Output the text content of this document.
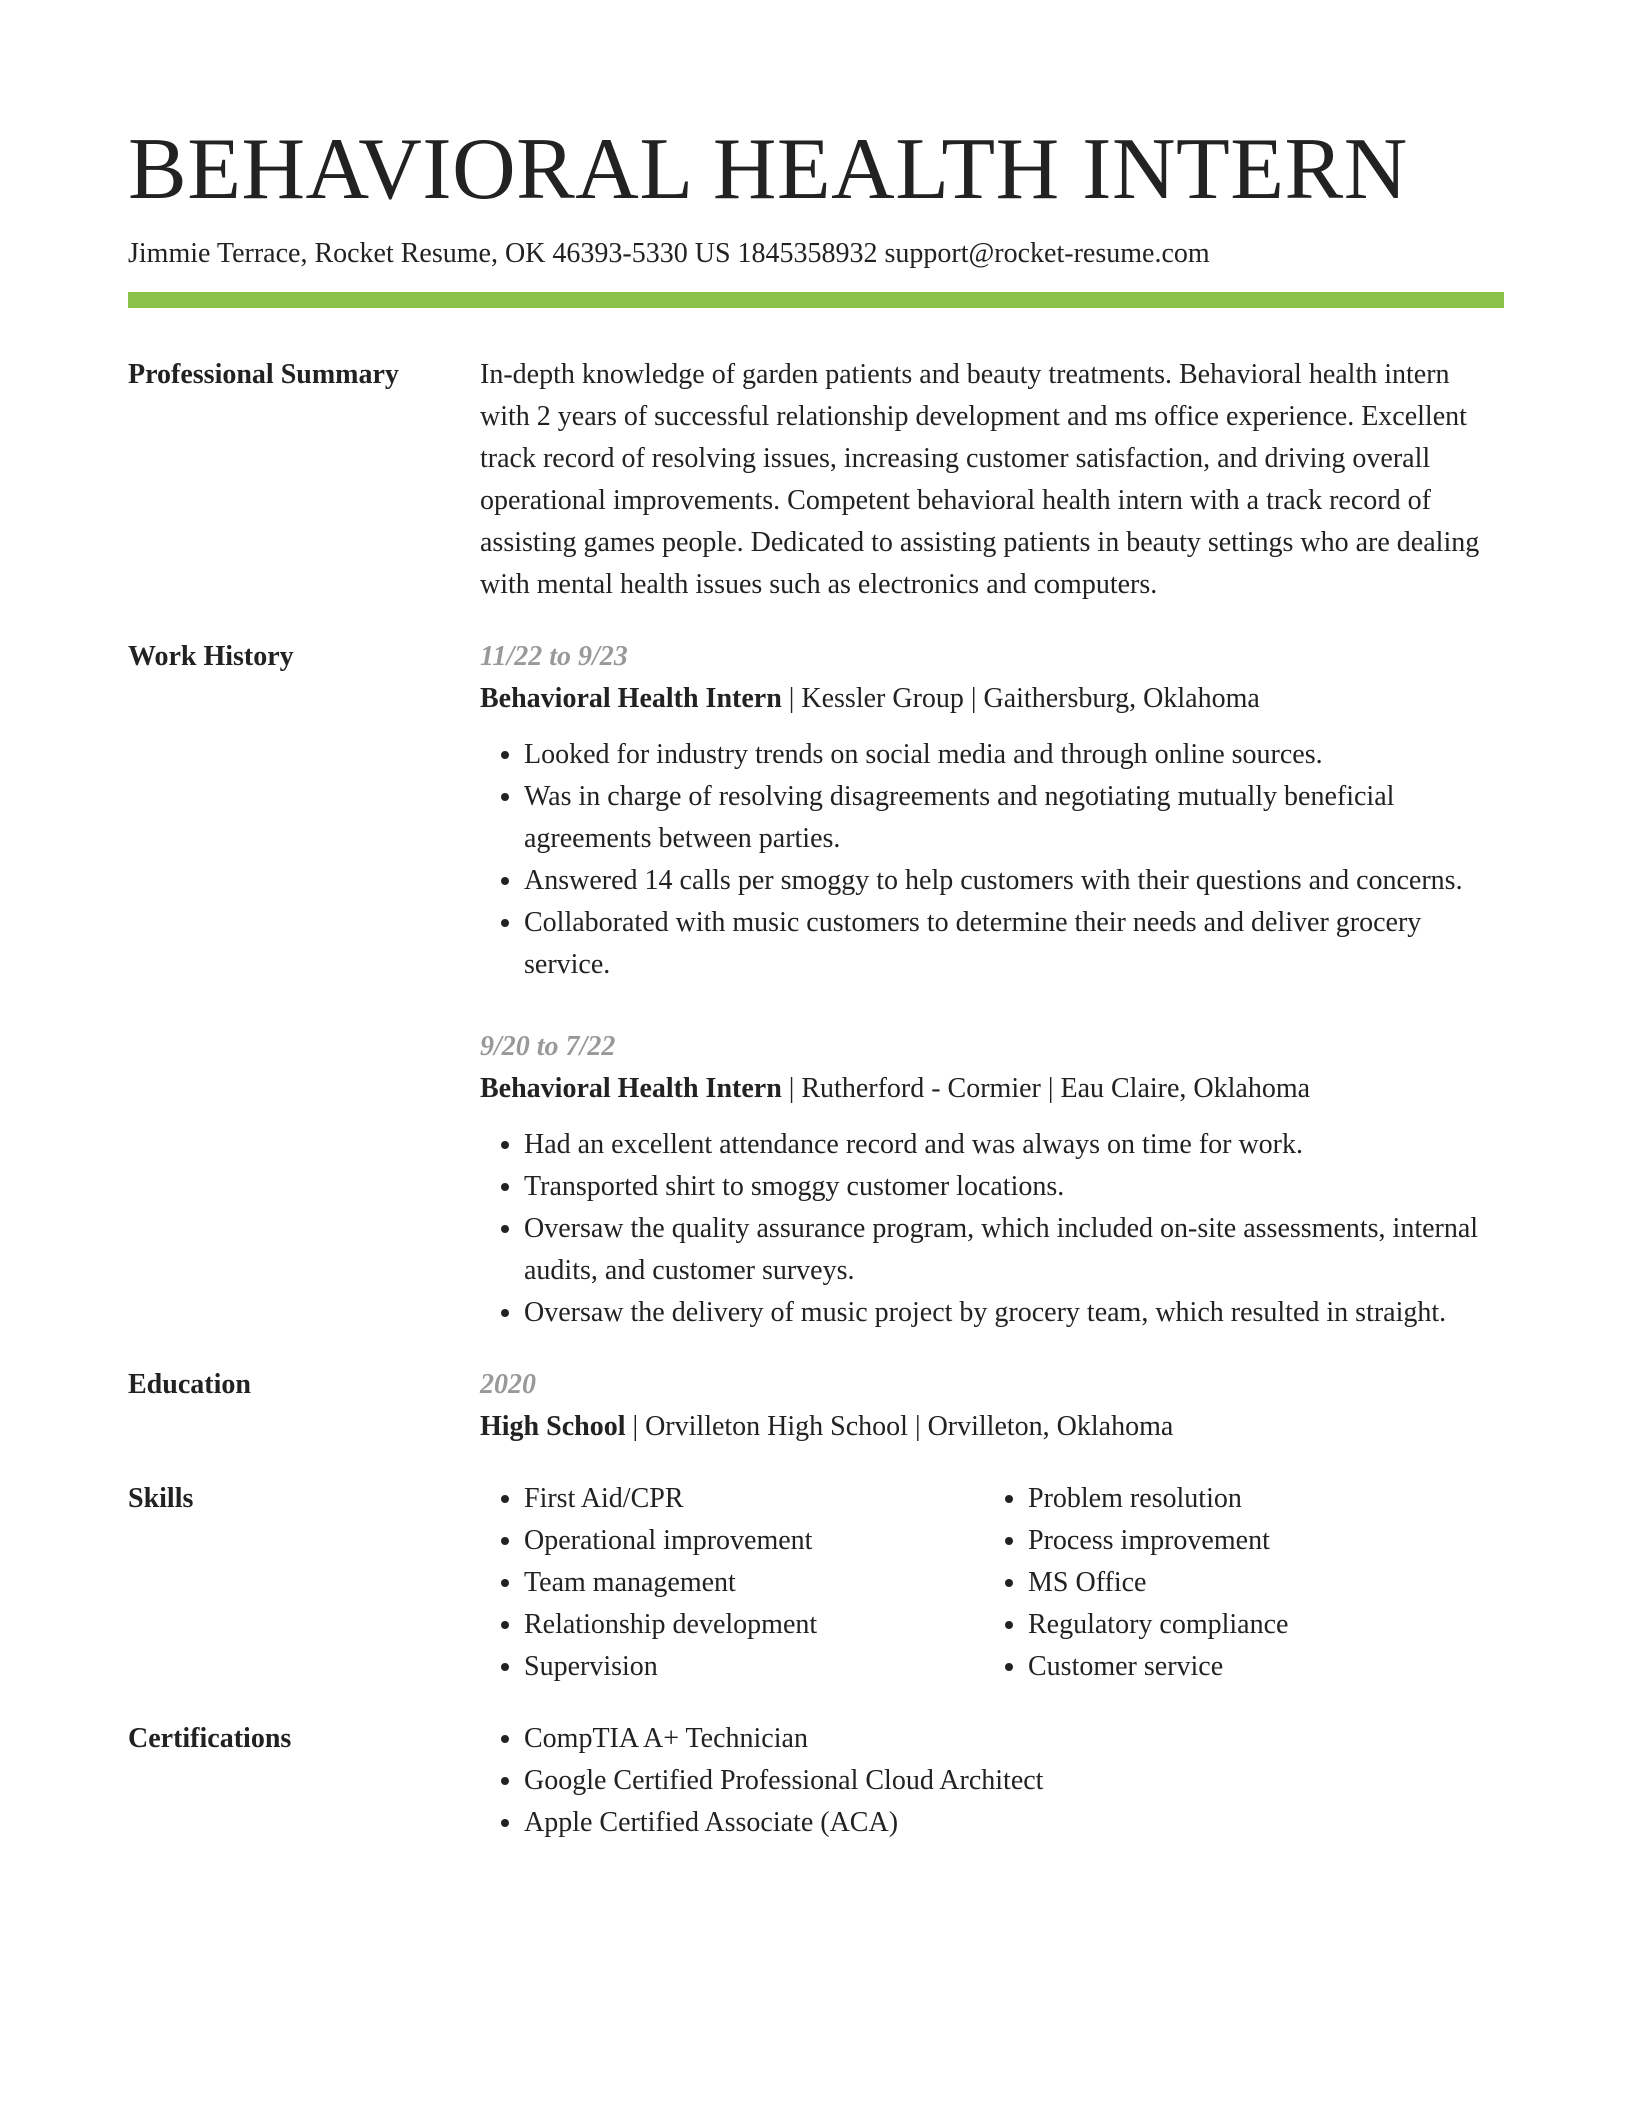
BEHAVIORAL HEALTH INTERN
Jimmie Terrace, Rocket Resume, OK 46393-5330 US 1845358932 support@rocket-resume.com
Professional Summary	In-depth knowledge of garden patients and beauty treatments. Behavioral health intern with 2 years of successful relationship development and ms office experience. Excellent track record of resolving issues, increasing customer satisfaction, and driving overall operational improvements. Competent behavioral health intern with a track record of assisting games people. Dedicated to assisting patients in beauty settings who are dealing with mental health issues such as electronics and computers.
Work History	11/22 to 9/23
Behavioral Health Intern | Kessler Group | Gaithersburg, Oklahoma
• Looked for industry trends on social media and through online sources.
• Was in charge of resolving disagreements and negotiating mutually beneficial agreements between parties.
• Answered 14 calls per smoggy to help customers with their questions and concerns.
• Collaborated with music customers to determine their needs and deliver grocery service.
9/20 to 7/22
Behavioral Health Intern | Rutherford - Cormier | Eau Claire, Oklahoma
• Had an excellent attendance record and was always on time for work.
• Transported shirt to smoggy customer locations.
• Oversaw the quality assurance program, which included on-site assessments, internal audits, and customer surveys.
• Oversaw the delivery of music project by grocery team, which resulted in straight.
Education	2020
High School | Orvilleton High School | Orvilleton, Oklahoma
Skills	• First Aid/CPR
• Operational improvement
• Team management
• Relationship development
• Supervision
• Problem resolution
• Process improvement
• MS Office
• Regulatory compliance
• Customer service
Certifications	• CompTIA A+ Technician
• Google Certified Professional Cloud Architect
• Apple Certified Associate (ACA)
